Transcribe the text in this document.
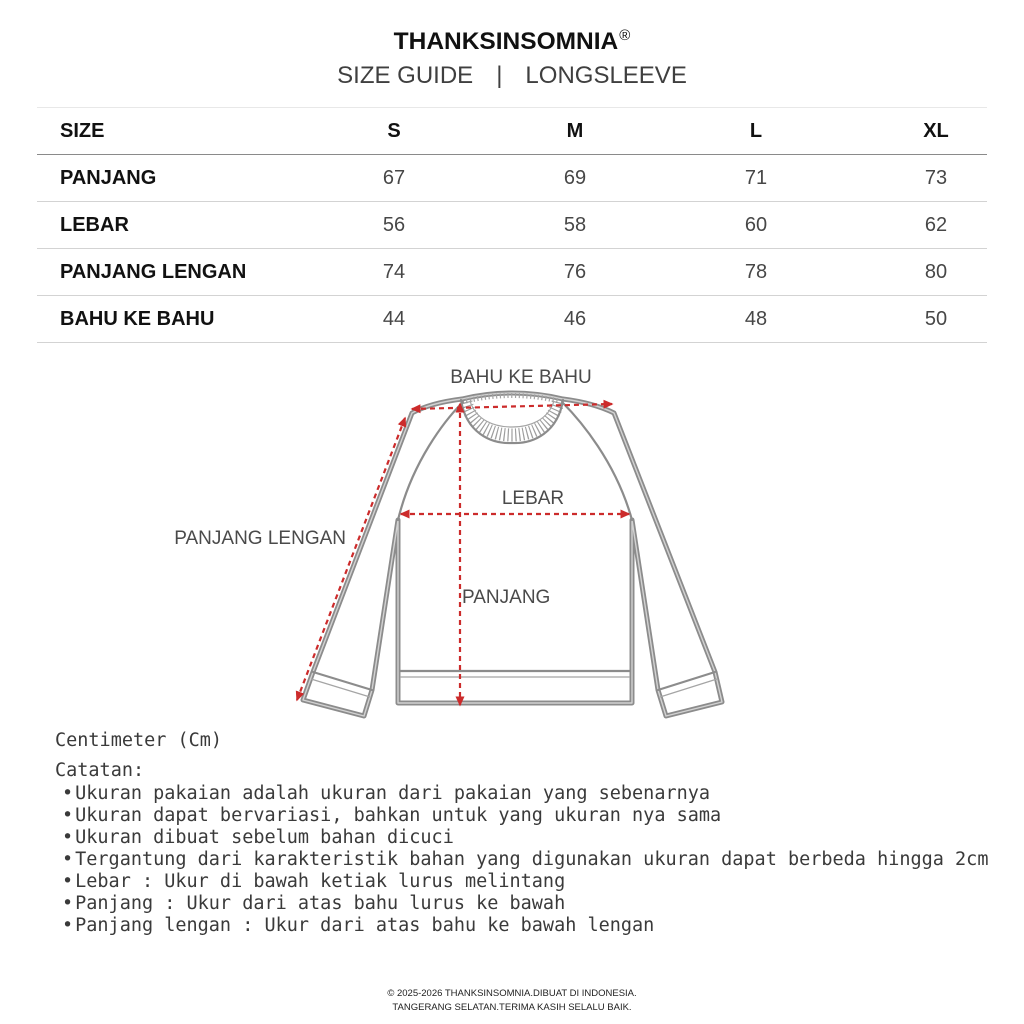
THANKSINSOMNIA®
SIZE GUIDE | LONGSLEEVE
SIZE	S	M	L	XL
PANJANG	67	69	71	73
LEBAR	56	58	60	62
PANJANG LENGAN	74	76	78	80
BAHU KE BAHU	44	46	48	50
BAHU KE BAHU
LEBAR
PANJANG LENGAN
PANJANG
Centimeter (Cm)
Catatan:
• Ukuran pakaian adalah ukuran dari pakaian yang sebenarnya
• Ukuran dapat bervariasi, bahkan untuk yang ukuran nya sama
• Ukuran dibuat sebelum bahan dicuci
• Tergantung dari karakteristik bahan yang digunakan ukuran dapat berbeda hingga 2cm
• Lebar : Ukur di bawah ketiak lurus melintang
• Panjang : Ukur dari atas bahu lurus ke bawah
• Panjang lengan : Ukur dari atas bahu ke bawah lengan
© 2025-2026 THANKSINSOMNIA.DIBUAT DI INDONESIA.
TANGERANG SELATAN.TERIMA KASIH SELALU BAIK.
